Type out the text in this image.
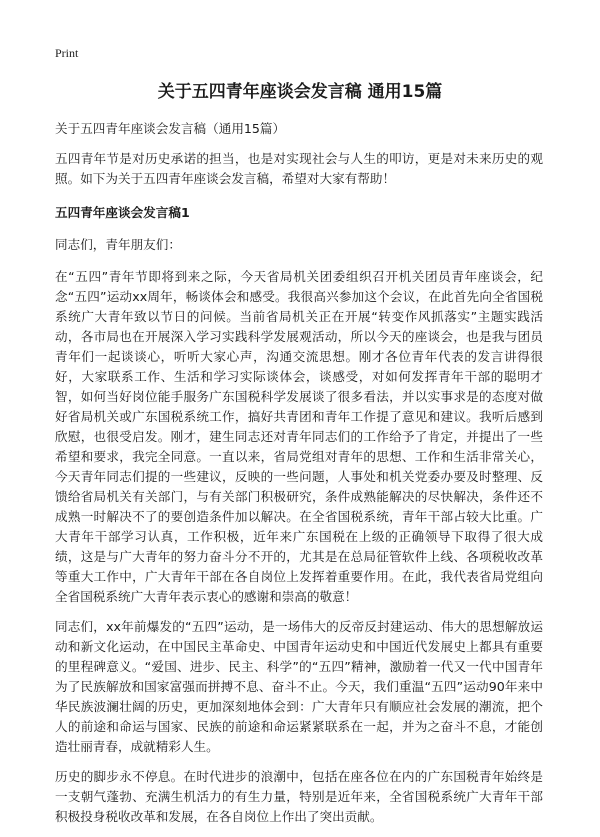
Print
关于五四青年座谈会发言稿 通用15篇

关于五四青年座谈会发言稿（通用15篇）

五四青年节是对历史承诺的担当，也是对实现社会与人生的叩访，更是对未来历史的观照。如下为关于五四青年座谈会发言稿，希望对大家有帮助！

五四青年座谈会发言稿1

同志们，青年朋友们：

在“五四”青年节即将到来之际，今天省局机关团委组织召开机关团员青年座谈会，纪念“五四”运动xx周年，畅谈体会和感受。我很高兴参加这个会议，在此首先向全省国税系统广大青年致以节日的问候。当前省局机关正在开展“转变作风抓落实”主题实践活动，各市局也在开展深入学习实践科学发展观活动，所以今天的座谈会，也是我与团员青年们一起谈谈心，听听大家心声，沟通交流思想。刚才各位青年代表的发言讲得很好，大家联系工作、生活和学习实际谈体会，谈感受，对如何发挥青年干部的聪明才智，如何当好岗位能手服务广东国税科学发展谈了很多看法，并以实事求是的态度对做好省局机关或广东国税系统工作，搞好共青团和青年工作提了意见和建议。我听后感到欣慰，也很受启发。刚才，建生同志还对青年同志们的工作给予了肯定，并提出了一些希望和要求，我完全同意。一直以来，省局党组对青年的思想、工作和生活非常关心，今天青年同志们提的一些建议，反映的一些问题，人事处和机关党委办要及时整理、反馈给省局机关有关部门，与有关部门积极研究，条件成熟能解决的尽快解决，条件还不成熟一时解决不了的要创造条件加以解决。在全省国税系统，青年干部占较大比重。广大青年干部学习认真，工作积极，近年来广东国税在上级的正确领导下取得了很大成绩，这是与广大青年的努力奋斗分不开的，尤其是在总局征管软件上线、各项税收改革等重大工作中，广大青年干部在各自岗位上发挥着重要作用。在此，我代表省局党组向全省国税系统广大青年表示衷心的感谢和崇高的敬意！

同志们，xx年前爆发的“五四”运动，是一场伟大的反帝反封建运动、伟大的思想解放运动和新文化运动，在中国民主革命史、中国青年运动史和中国近代发展史上都具有重要的里程碑意义。“爱国、进步、民主、科学”的“五四”精神，激励着一代又一代中国青年为了民族解放和国家富强而拼搏不息、奋斗不止。今天，我们重温“五四”运动90年来中华民族波澜壮阔的历史，更加深刻地体会到：广大青年只有顺应社会发展的潮流，把个人的前途和命运与国家、民族的前途和命运紧紧联系在一起，并为之奋斗不息，才能创造壮丽青春，成就精彩人生。

历史的脚步永不停息。在时代进步的浪潮中，包括在座各位在内的广东国税青年始终是一支朝气蓬勃、充满生机活力的有生力量，特别是近年来，全省国税系统广大青年干部积极投身税收改革和发展，在各自岗位上作出了突出贡献。
